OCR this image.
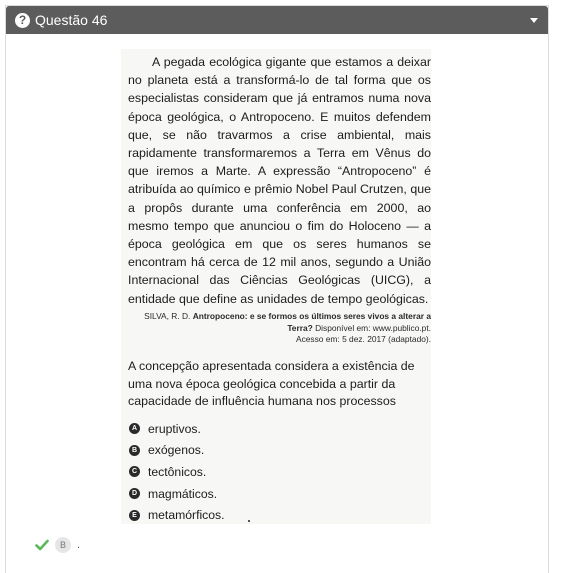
? Questão 46

A pegada ecológica gigante que estamos a deixar no planeta está a transformá-lo de tal forma que os especialistas consideram que já entramos numa nova época geológica, o Antropoceno. E muitos defendem que, se não travarmos a crise ambiental, mais rapidamente transformaremos a Terra em Vênus do que iremos a Marte. A expressão “Antropoceno” é atribuída ao químico e prêmio Nobel Paul Crutzen, que a propôs durante uma conferência em 2000, ao mesmo tempo que anunciou o fim do Holoceno — a época geológica em que os seres humanos se encontram há cerca de 12 mil anos, segundo a União Internacional das Ciências Geológicas (UICG), a entidade que define as unidades de tempo geológicas.

SILVA, R. D. Antropoceno: e se formos os últimos seres vivos a alterar a Terra? Disponível em: www.publico.pt.
Acesso em: 5 dez. 2017 (adaptado).
A concepção apresentada considera a existência de uma nova época geológica concebida a partir da capacidade de influência humana nos processos
A eruptivos.
B exógenos.
C tectônicos.
D magmáticos.
E metamórficos.
B	.
